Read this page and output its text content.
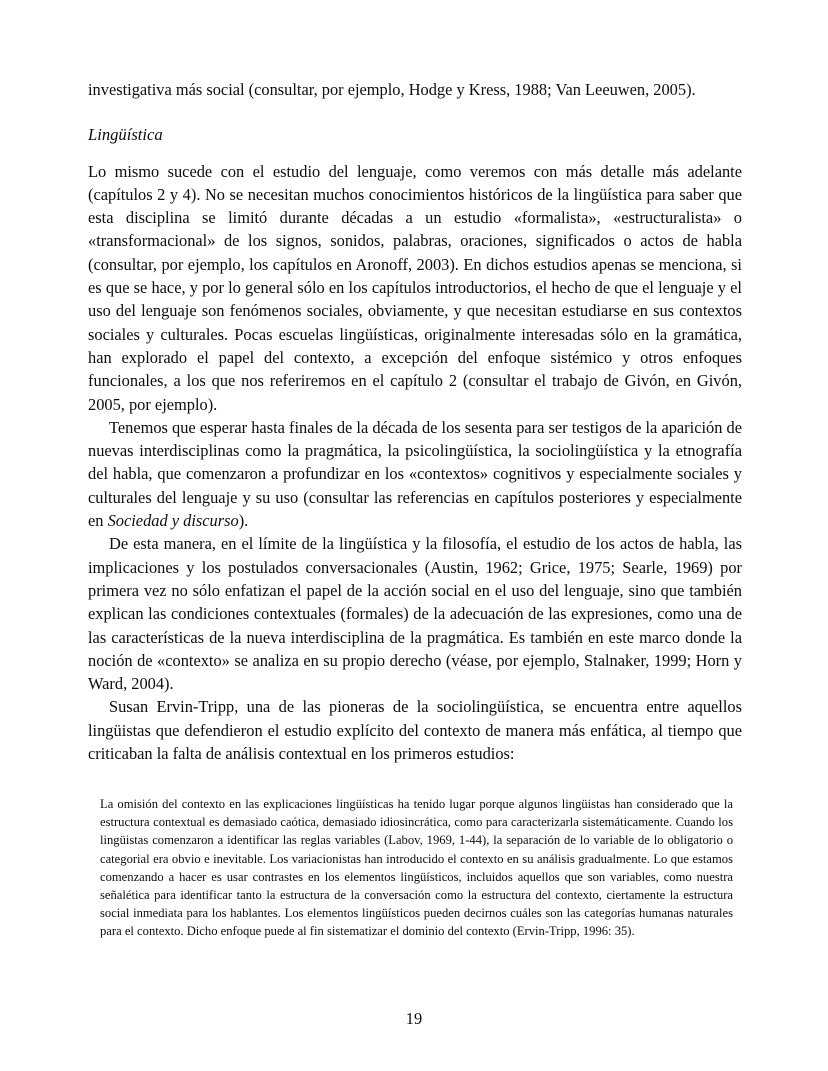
investigativa más social (consultar, por ejemplo, Hodge y Kress, 1988; Van Leeuwen, 2005).

Lingüística

Lo mismo sucede con el estudio del lenguaje, como veremos con más detalle más adelante (capítulos 2 y 4). No se necesitan muchos conocimientos históricos de la lingüística para saber que esta disciplina se limitó durante décadas a un estudio «formalista», «estructuralista» o «transformacional» de los signos, sonidos, palabras, oraciones, significados o actos de habla (consultar, por ejemplo, los capítulos en Aronoff, 2003). En dichos estudios apenas se menciona, si es que se hace, y por lo general sólo en los capítulos introductorios, el hecho de que el lenguaje y el uso del lenguaje son fenómenos sociales, obviamente, y que necesitan estudiarse en sus contextos sociales y culturales. Pocas escuelas lingüísticas, originalmente interesadas sólo en la gramática, han explorado el papel del contexto, a excepción del enfoque sistémico y otros enfoques funcionales, a los que nos referiremos en el capítulo 2 (consultar el trabajo de Givón, en Givón, 2005, por ejemplo).

Tenemos que esperar hasta finales de la década de los sesenta para ser testigos de la aparición de nuevas interdisciplinas como la pragmática, la psicolingüística, la sociolingüística y la etnografía del habla, que comenzaron a profundizar en los «contextos» cognitivos y especialmente sociales y culturales del lenguaje y su uso (consultar las referencias en capítulos posteriores y especialmente en Sociedad y discurso).

De esta manera, en el límite de la lingüística y la filosofía, el estudio de los actos de habla, las implicaciones y los postulados conversacionales (Austin, 1962; Grice, 1975; Searle, 1969) por primera vez no sólo enfatizan el papel de la acción social en el uso del lenguaje, sino que también explican las condiciones contextuales (formales) de la adecuación de las expresiones, como una de las características de la nueva interdisciplina de la pragmática. Es también en este marco donde la noción de «contexto» se analiza en su propio derecho (véase, por ejemplo, Stalnaker, 1999; Horn y Ward, 2004).

Susan Ervin-Tripp, una de las pioneras de la sociolingüística, se encuentra entre aquellos lingüistas que defendieron el estudio explícito del contexto de manera más enfática, al tiempo que criticaban la falta de análisis contextual en los primeros estudios:

La omisión del contexto en las explicaciones lingüísticas ha tenido lugar porque algunos lingüistas han considerado que la estructura contextual es demasiado caótica, demasiado idiosincrática, como para caracterizarla sistemáticamente. Cuando los lingüistas comenzaron a identificar las reglas variables (Labov, 1969, 1-44), la separación de lo variable de lo obligatorio o categorial era obvio e inevitable. Los variacionistas han introducido el contexto en su análisis gradualmente. Lo que estamos comenzando a hacer es usar contrastes en los elementos lingüísticos, incluidos aquellos que son variables, como nuestra señalética para identificar tanto la estructura de la conversación como la estructura del contexto, ciertamente la estructura social inmediata para los hablantes. Los elementos lingüísticos pueden decirnos cuáles son las categorías humanas naturales para el contexto. Dicho enfoque puede al fin sistematizar el dominio del contexto (Ervin-Tripp, 1996: 35).

19
